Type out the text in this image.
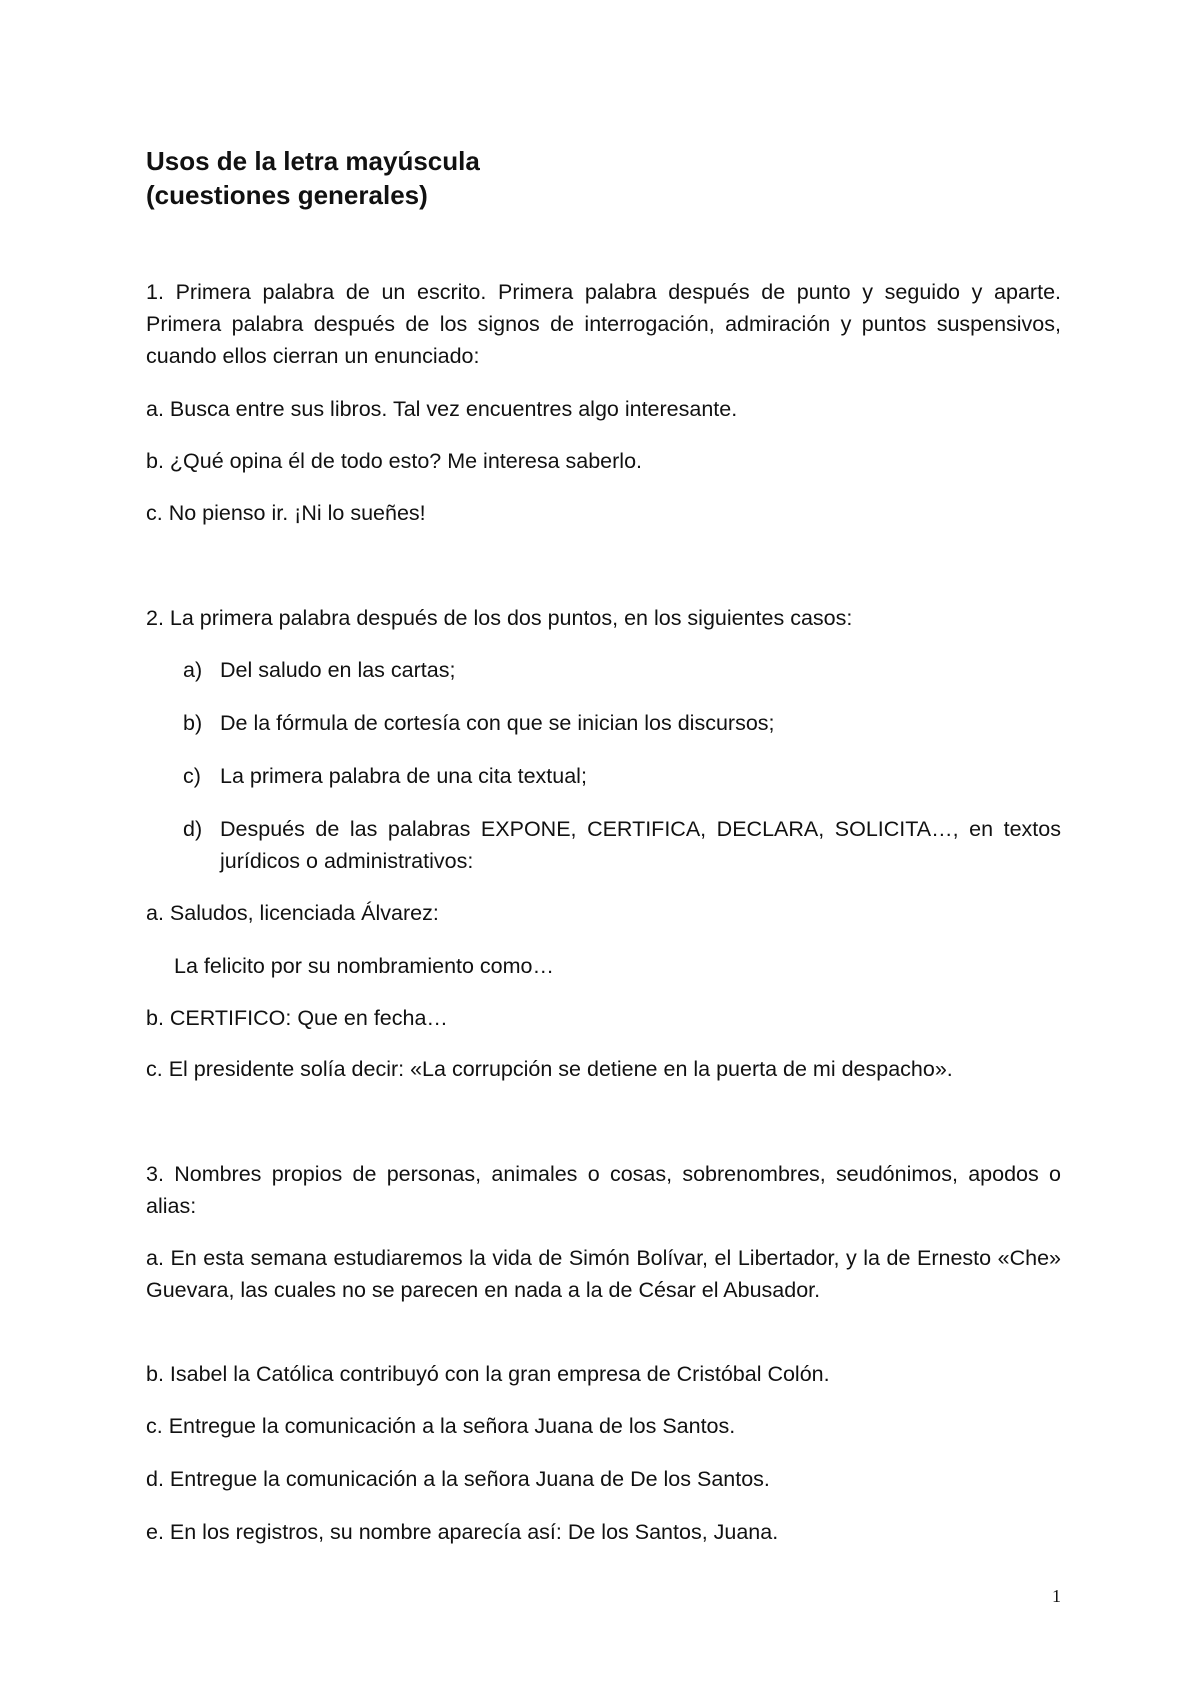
Usos de la letra mayúscula
(cuestiones generales)

1. Primera palabra de un escrito. Primera palabra después de punto y seguido y aparte. Primera palabra después de los signos de interrogación, admiración y puntos suspensivos, cuando ellos cierran un enunciado:

a. Busca entre sus libros. Tal vez encuentres algo interesante.

b. ¿Qué opina él de todo esto? Me interesa saberlo.

c. No pienso ir. ¡Ni lo sueñes!

2. La primera palabra después de los dos puntos, en los siguientes casos:

a) Del saludo en las cartas;
b) De la fórmula de cortesía con que se inician los discursos;
c) La primera palabra de una cita textual;
d) Después de las palabras EXPONE, CERTIFICA, DECLARA, SOLICITA…, en textos jurídicos o administrativos:

a. Saludos, licenciada Álvarez:

La felicito por su nombramiento como…

b. CERTIFICO: Que en fecha…

c. El presidente solía decir: «La corrupción se detiene en la puerta de mi despacho».

3. Nombres propios de personas, animales o cosas, sobrenombres, seudónimos, apodos o alias:

a. En esta semana estudiaremos la vida de Simón Bolívar, el Libertador, y la de Ernesto «Che» Guevara, las cuales no se parecen en nada a la de César el Abusador.

b. Isabel la Católica contribuyó con la gran empresa de Cristóbal Colón.

c. Entregue la comunicación a la señora Juana de los Santos.

d. Entregue la comunicación a la señora Juana de De los Santos.

e. En los registros, su nombre aparecía así: De los Santos, Juana.

1
